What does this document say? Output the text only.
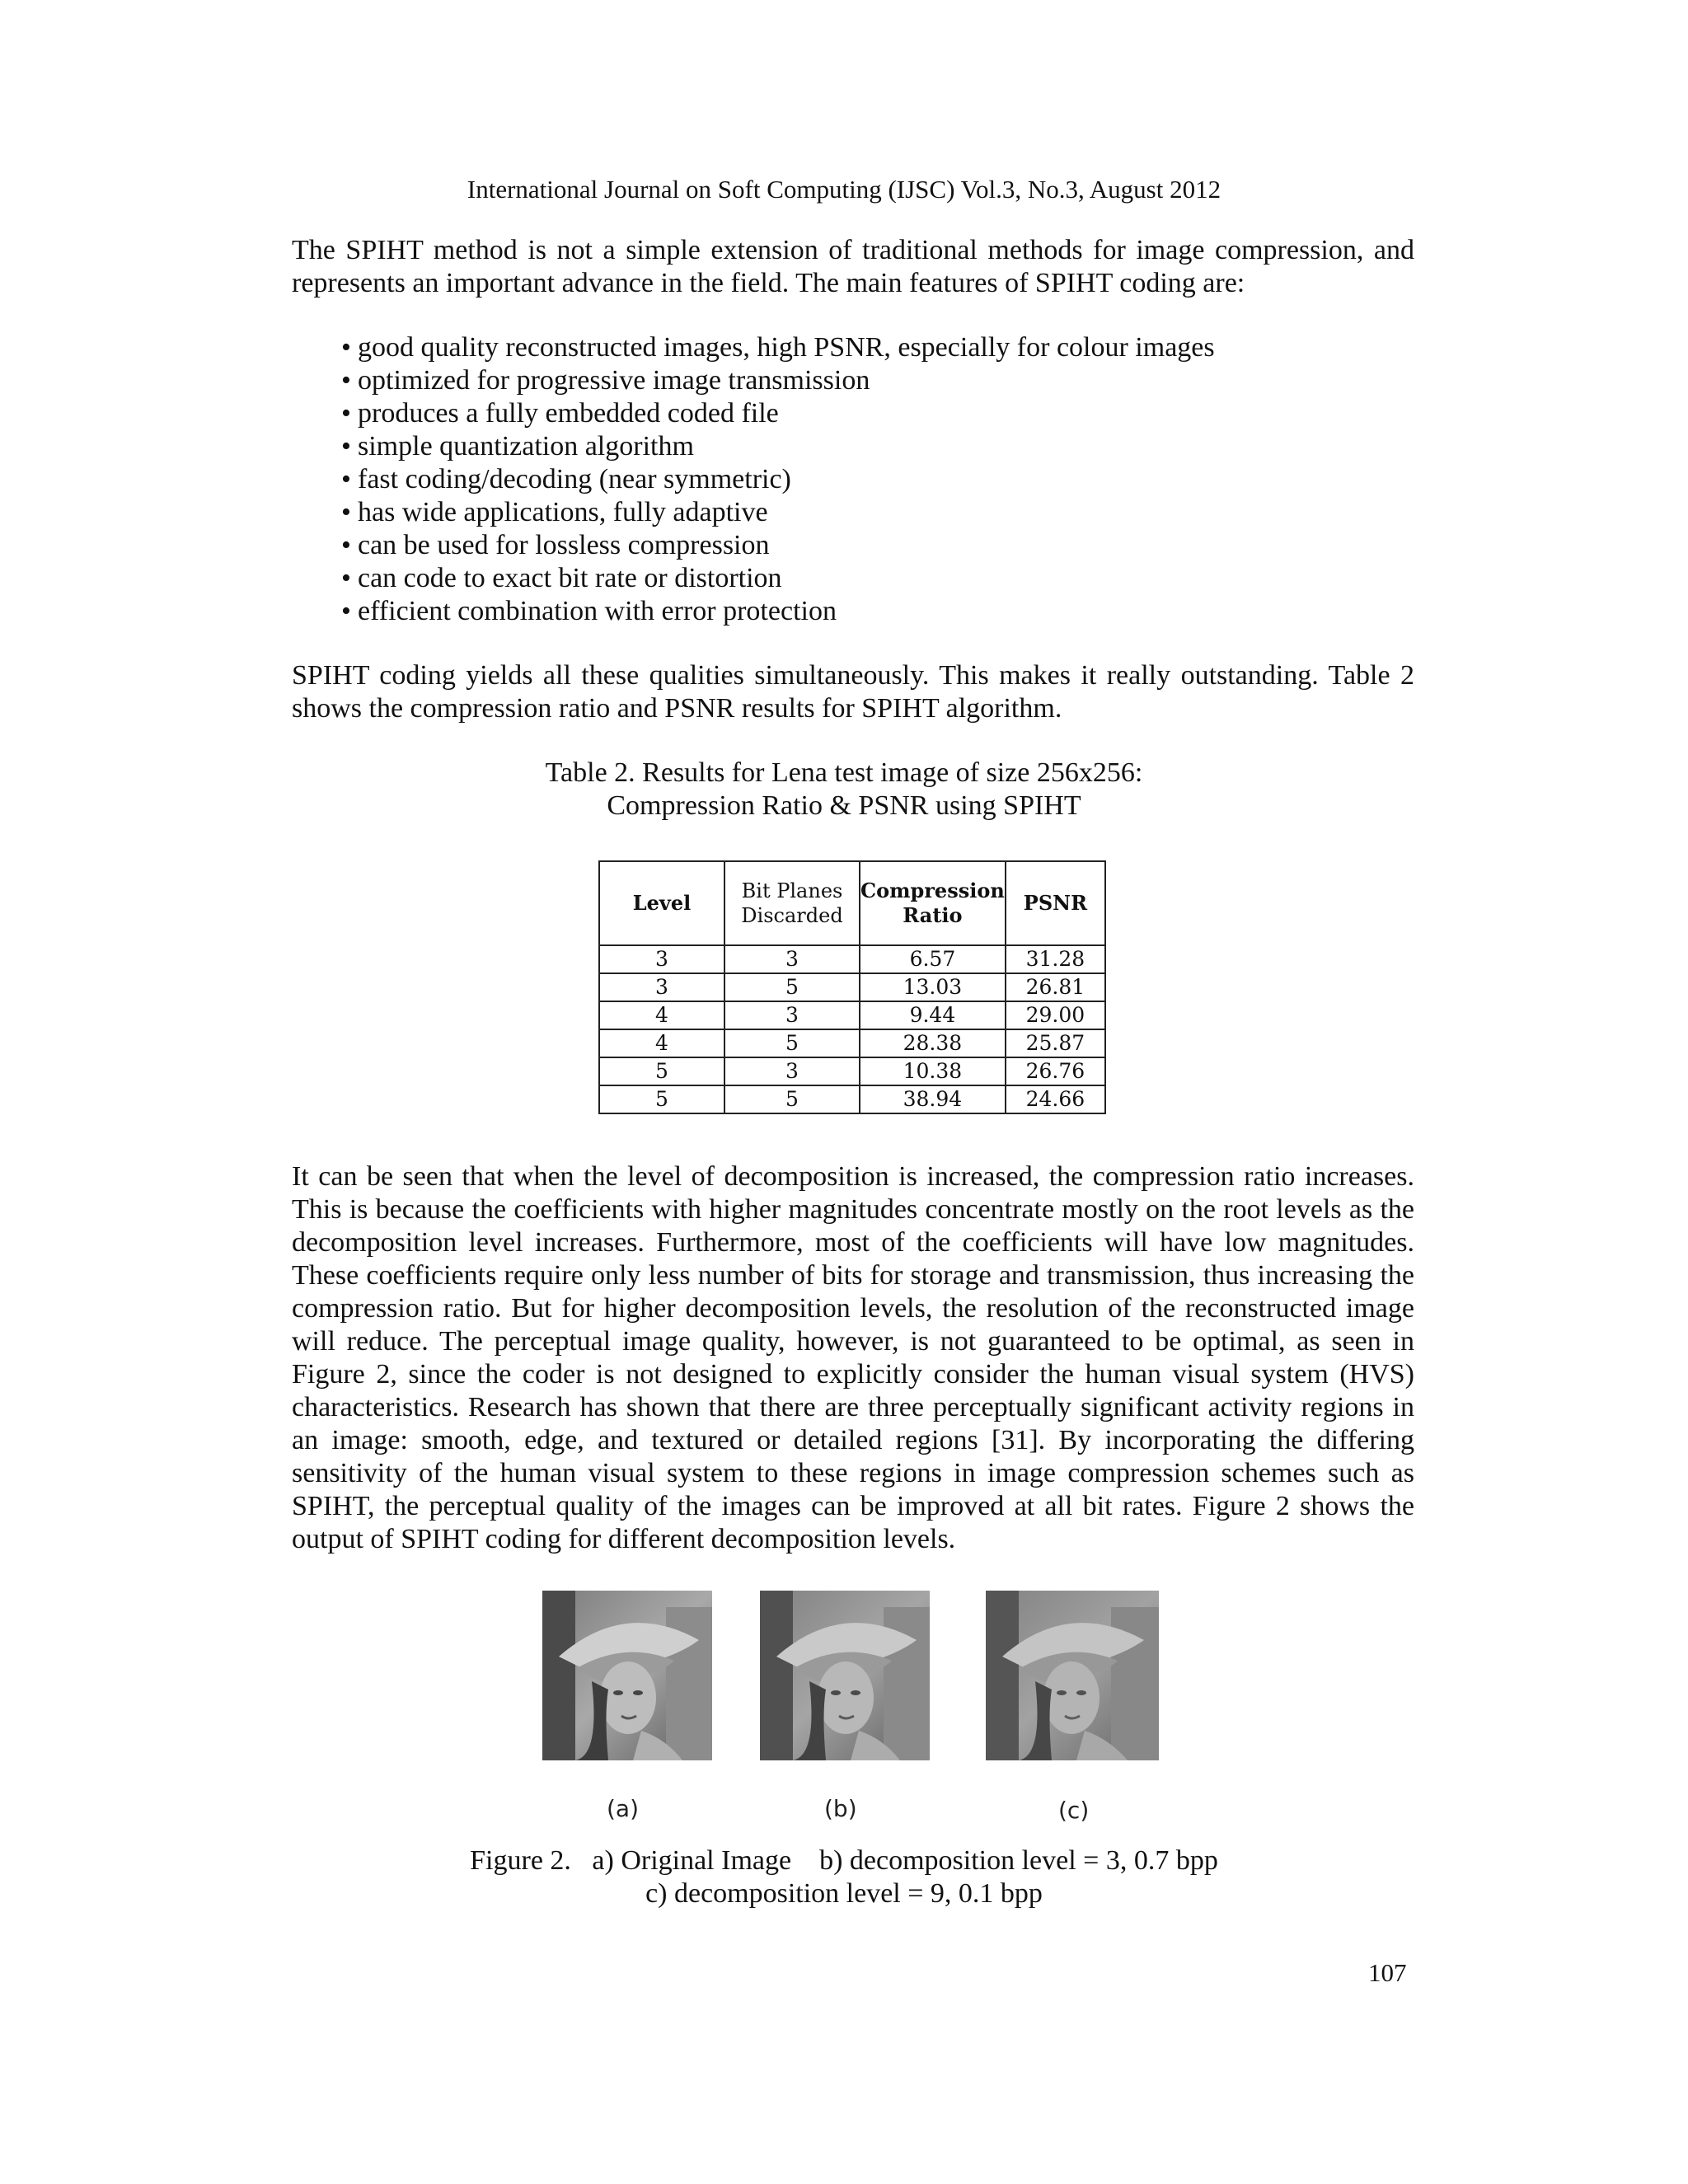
International Journal on Soft Computing (IJSC) Vol.3, No.3, August 2012

The SPIHT method is not a simple extension of traditional methods for image compression, and represents an important advance in the field. The main features of SPIHT coding are:

• good quality reconstructed images, high PSNR, especially for colour images
• optimized for progressive image transmission
• produces a fully embedded coded file
• simple quantization algorithm
• fast coding/decoding (near symmetric)
• has wide applications, fully adaptive
• can be used for lossless compression
• can code to exact bit rate or distortion
• efficient combination with error protection

SPIHT coding yields all these qualities simultaneously. This makes it really outstanding. Table 2 shows the compression ratio and PSNR results for SPIHT algorithm.

Table 2. Results for Lena test image of size 256x256:
Compression Ratio & PSNR using SPIHT
Level	Bit Planes Discarded	Compression Ratio	PSNR
3	3	6.57	31.28
3	5	13.03	26.81
4	3	9.44	29.00
4	5	28.38	25.87
5	3	10.38	26.76
5	5	38.94	24.66

It can be seen that when the level of decomposition is increased, the compression ratio increases. This is because the coefficients with higher magnitudes concentrate mostly on the root levels as the decomposition level increases. Furthermore, most of the coefficients will have low magnitudes. These coefficients require only less number of bits for storage and transmission, thus increasing the compression ratio. But for higher decomposition levels, the resolution of the reconstructed image will reduce. The perceptual image quality, however, is not guaranteed to be optimal, as seen in Figure 2, since the coder is not designed to explicitly consider the human visual system (HVS) characteristics. Research has shown that there are three perceptually significant activity regions in an image: smooth, edge, and textured or detailed regions [31]. By incorporating the differing sensitivity of the human visual system to these regions in image compression schemes such as SPIHT, the perceptual quality of the images can be improved at all bit rates. Figure 2 shows the output of SPIHT coding for different decomposition levels.

(a)	(b)	(c)
Figure 2.   a) Original Image    b) decomposition level = 3, 0.7 bpp
c) decomposition level = 9, 0.1 bpp
107
